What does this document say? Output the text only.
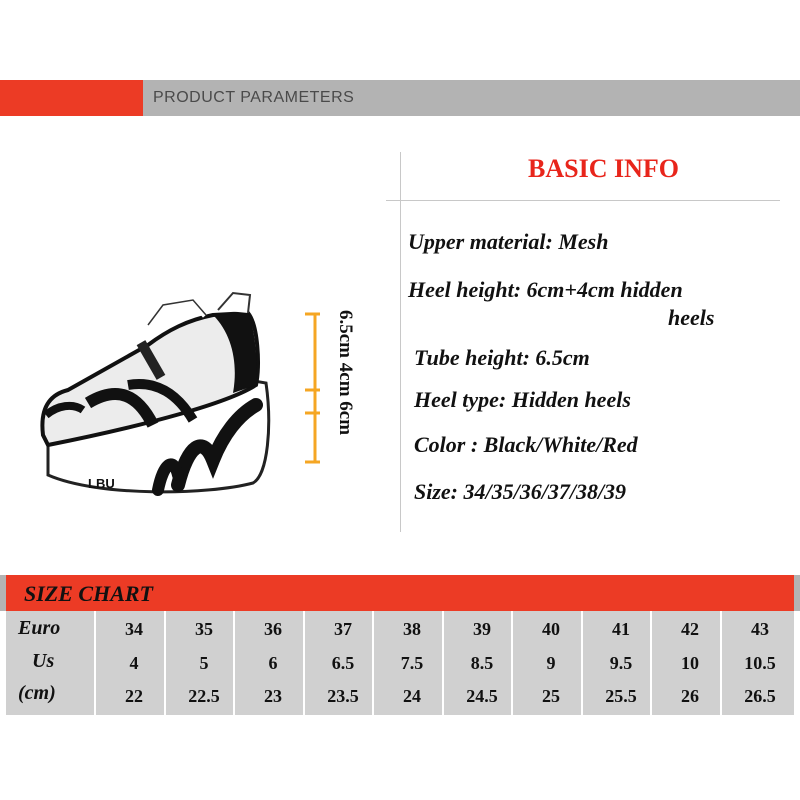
PRODUCT PARAMETERS
LBU
6.5cm 4cm 6cm
BASIC INFO
Upper material: Mesh
Heel height: 6cm+4cm hidden
heels
Tube height: 6.5cm
Heel type: Hidden heels
Color : Black/White/Red
Size: 34/35/36/37/38/39
SIZE CHART
Euro	34	35	36	37	38	39	40	41	42	43
Us	4	5	6	6.5	7.5	8.5	9	9.5	10	10.5
(cm)	22	22.5	23	23.5	24	24.5	25	25.5	26	26.5
